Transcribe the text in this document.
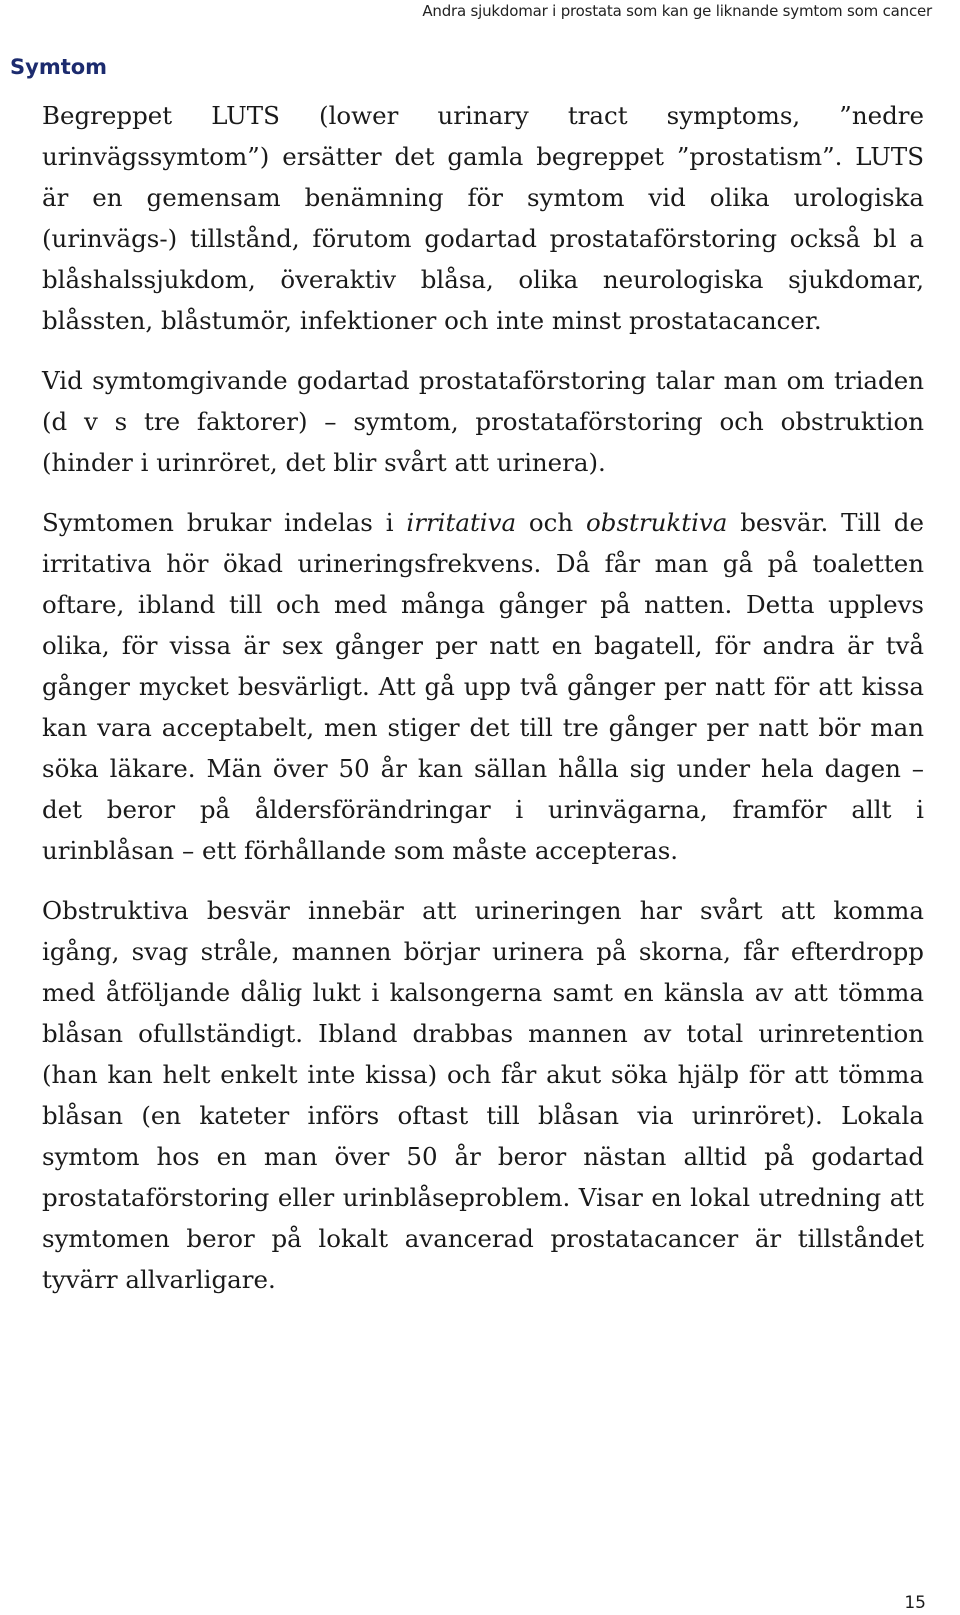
Andra sjukdomar i prostata som kan ge liknande symtom som cancer
Symtom

Begreppet LUTS (lower urinary tract symptoms, ”nedre urinvägssymtom”) ersätter det gamla begreppet ”prostatism”. LUTS är en gemensam benämning för symtom vid olika urologiska (urinvägs-) tillstånd, förutom godartad prostataförstoring också bl a blåshalssjukdom, överaktiv blåsa, olika neurologiska sjukdomar, blåssten, blåstumör, infektioner och inte minst prostatacancer.

Vid symtomgivande godartad prostataförstoring talar man om triaden (d v s tre faktorer) – symtom, prostataförstoring och obstruktion (hinder i urinröret, det blir svårt att urinera).

Symtomen brukar indelas i irritativa och obstruktiva besvär. Till de irritativa hör ökad urineringsfrekvens. Då får man gå på toaletten oftare, ibland till och med många gånger på natten. Detta upplevs olika, för vissa är sex gånger per natt en bagatell, för andra är två gånger mycket besvärligt. Att gå upp två gånger per natt för att kissa kan vara acceptabelt, men stiger det till tre gånger per natt bör man söka läkare. Män över 50 år kan sällan hålla sig under hela dagen – det beror på åldersförändringar i urinvägarna, framför allt i urinblåsan – ett förhållande som måste accepteras.

Obstruktiva besvär innebär att urineringen har svårt att komma igång, svag stråle, mannen börjar urinera på skorna, får efterdropp med åtföljande dålig lukt i kalsongerna samt en känsla av att tömma blåsan ofullständigt. Ibland drabbas mannen av total urinretention (han kan helt enkelt inte kissa) och får akut söka hjälp för att tömma blåsan (en kateter införs oftast till blåsan via urinröret). Lokala symtom hos en man över 50 år beror nästan alltid på godartad prostataförstoring eller urinblåseproblem. Visar en lokal utredning att symtomen beror på lokalt avancerad prostatacancer är tillståndet tyvärr allvarligare.

15
